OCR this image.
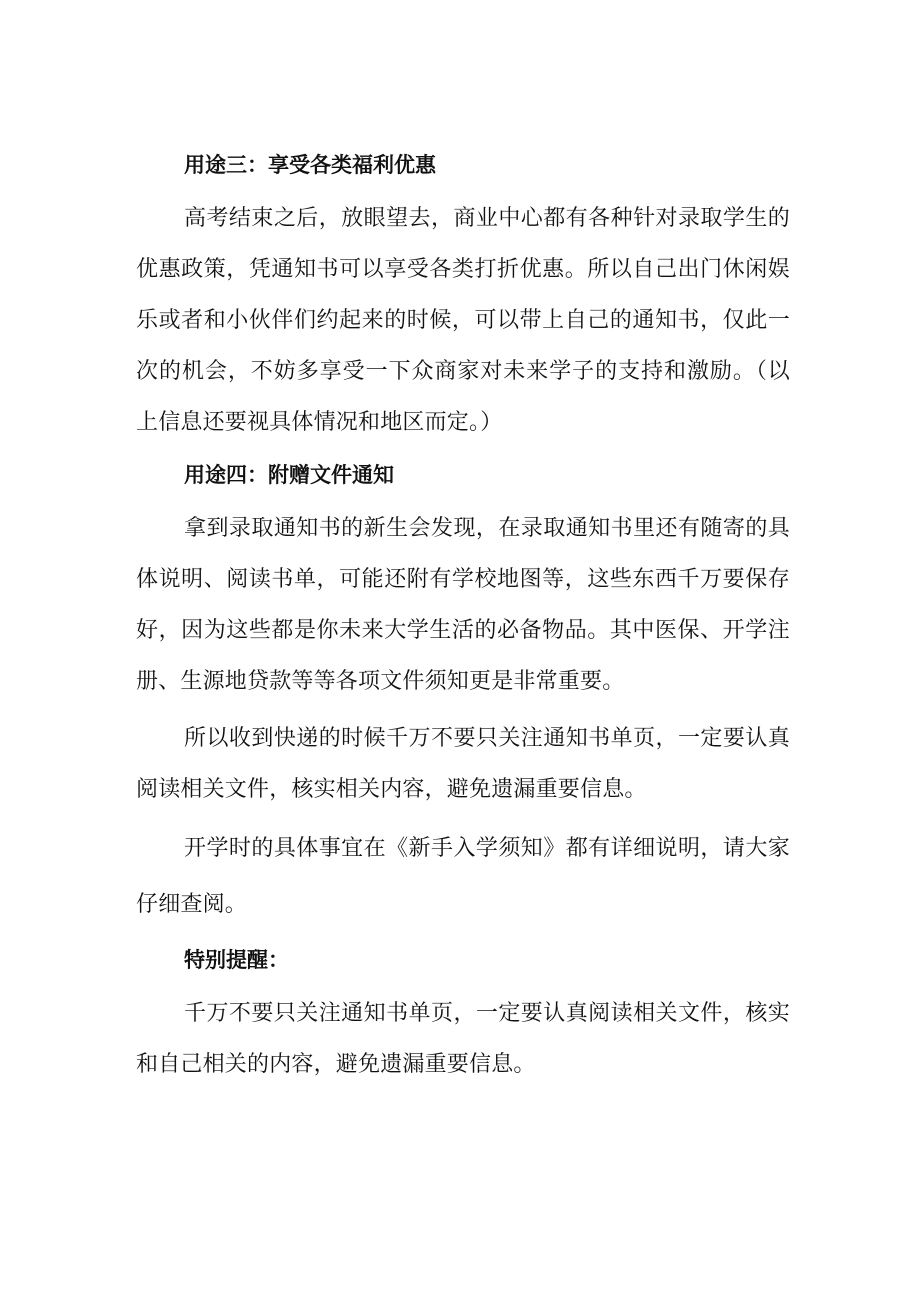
用途三：享受各类福利优惠

高考结束之后，放眼望去，商业中心都有各种针对录取学生的优惠政策，凭通知书可以享受各类打折优惠。所以自己出门休闲娱乐或者和小伙伴们约起来的时候，可以带上自己的通知书，仅此一次的机会，不妨多享受一下众商家对未来学子的支持和激励。（以上信息还要视具体情况和地区而定。）

用途四：附赠文件通知

拿到录取通知书的新生会发现，在录取通知书里还有随寄的具体说明、阅读书单，可能还附有学校地图等，这些东西千万要保存好，因为这些都是你未来大学生活的必备物品。其中医保、开学注册、生源地贷款等等各项文件须知更是非常重要。

所以收到快递的时候千万不要只关注通知书单页，一定要认真阅读相关文件，核实相关内容，避免遗漏重要信息。

开学时的具体事宜在《新手入学须知》都有详细说明，请大家仔细查阅。

特别提醒：

千万不要只关注通知书单页，一定要认真阅读相关文件，核实和自己相关的内容，避免遗漏重要信息。
